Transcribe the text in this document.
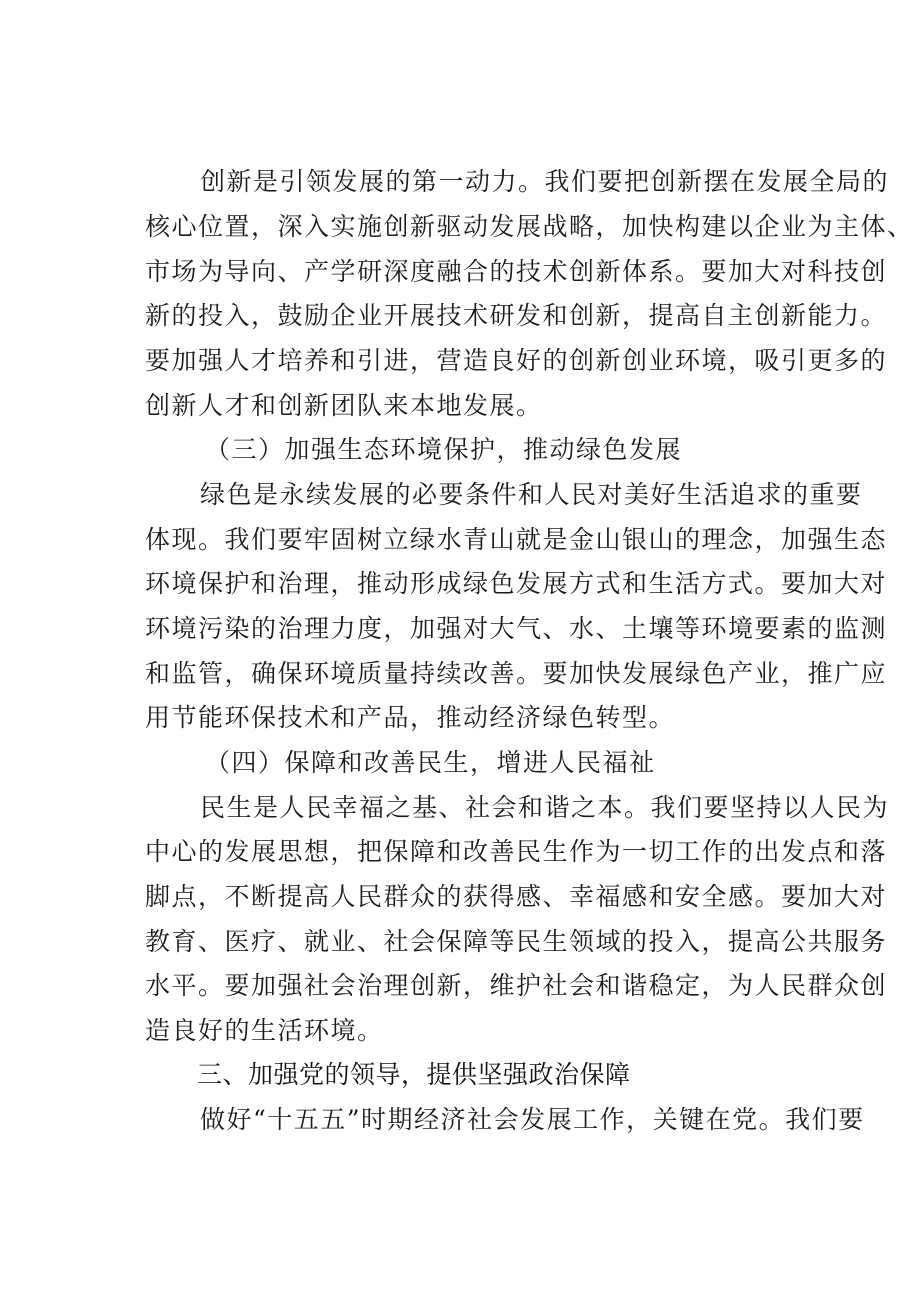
创新是引领发展的第一动力。我们要把创新摆在发展全局的
核心位置，深入实施创新驱动发展战略，加快构建以企业为主体、
市场为导向、产学研深度融合的技术创新体系。要加大对科技创
新的投入，鼓励企业开展技术研发和创新，提高自主创新能力。
要加强人才培养和引进，营造良好的创新创业环境，吸引更多的
创新人才和创新团队来本地发展。
（三）加强生态环境保护，推动绿色发展
绿色是永续发展的必要条件和人民对美好生活追求的重要
体现。我们要牢固树立绿水青山就是金山银山的理念，加强生态
环境保护和治理，推动形成绿色发展方式和生活方式。要加大对
环境污染的治理力度，加强对大气、水、土壤等环境要素的监测
和监管，确保环境质量持续改善。要加快发展绿色产业，推广应
用节能环保技术和产品，推动经济绿色转型。
（四）保障和改善民生，增进人民福祉
民生是人民幸福之基、社会和谐之本。我们要坚持以人民为
中心的发展思想，把保障和改善民生作为一切工作的出发点和落
脚点，不断提高人民群众的获得感、幸福感和安全感。要加大对
教育、医疗、就业、社会保障等民生领域的投入，提高公共服务
水平。要加强社会治理创新，维护社会和谐稳定，为人民群众创
造良好的生活环境。
三、加强党的领导，提供坚强政治保障
做好“十五五”时期经济社会发展工作，关键在党。我们要
